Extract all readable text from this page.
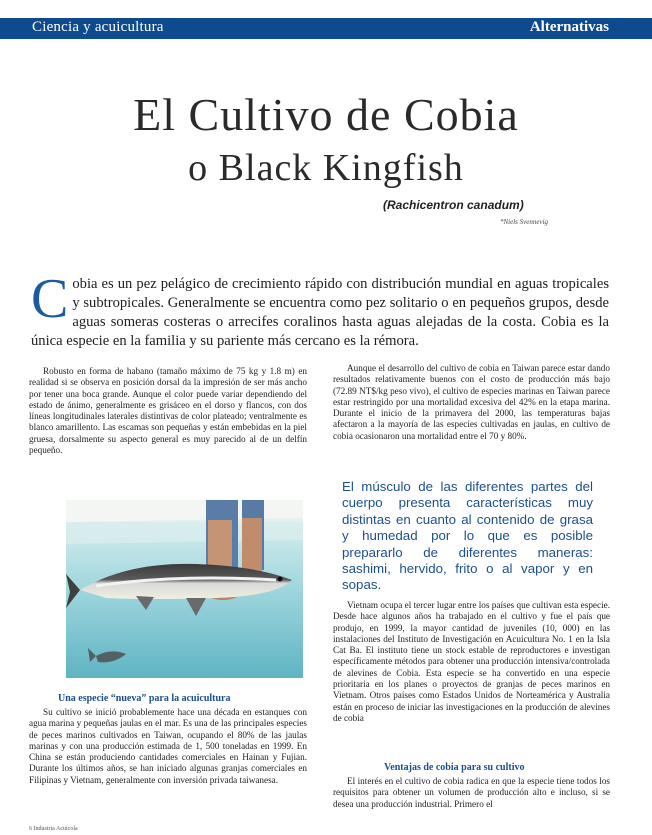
Ciencia y acuicultura	Alternativas
El Cultivo de Cobia
o Black Kingfish
(Rachicentron canadum)
*Niels Svennevig
Cobia es un pez pelágico de crecimiento rápido con distribución mundial en aguas tropicales y subtropicales. Generalmente se encuentra como pez solitario o en pequeños grupos, desde aguas someras costeras o arrecifes coralinos hasta aguas alejadas de la costa. Cobia es la única especie en la familia y su pariente más cercano es la rémora.

Robusto en forma de habano (tamaño máximo de 75 kg y 1.8 m) en realidad si se observa en posición dorsal da la impresión de ser más ancho por tener una boca grande. Aunque el color puede variar dependiendo del estado de ánimo, generalmente es grisáceo en el dorso y flancos, con dos líneas longitudinales laterales distintivas de color plateado; ventralmente es blanco amarillento. Las escamas son pequeñas y están embebidas en la piel gruesa, dorsalmente su aspecto general es muy parecido al de un delfín pequeño.

Aunque el desarrollo del cultivo de cobia en Taiwan parece estar dando resultados relativamente buenos con el costo de producción más bajo (72.89 NT$/kg peso vivo), el cultivo de especies marinas en Taiwan parece estar restringido por una mortalidad excesiva del 42% en la etapa marina. Durante el inicio de la primavera del 2000, las temperaturas bajas afectaron a la mayoría de las especies cultivadas en jaulas, en cultivo de cobia ocasionaron una mortalidad entre el 70 y 80%.

El músculo de las diferentes partes del cuerpo presenta características muy distintas en cuanto al contenido de grasa y humedad por lo que es posible prepararlo de diferentes maneras: sashimi, hervido, frito o al vapor y en sopas.

Vietnam ocupa el tercer lugar entre los países que cultivan esta especie. Desde hace algunos años ha trabajado en el cultivo y fue el país que produjo, en 1999, la mayor cantidad de juveniles (10, 000) en las instalaciones del Instituto de Investigación en Acuicultura No. 1 en la Isla Cat Ba. El instituto tiene un stock estable de reproductores e investigan específicamente métodos para obtener una producción intensiva/controlada de alevines de Cobia. Esta especie se ha convertido en una especie prioritaria en los planes o proyectos de granjas de peces marinos en Vietnam. Otros países como Estados Unidos de Norteamérica y Australia están en proceso de iniciar las investigaciones en la producción de alevines de cobia

Una especie “nueva” para la acuicultura

Su cultivo se inició probablemente hace una década en estanques con agua marina y pequeñas jaulas en el mar. Es una de las principales especies de peces marinos cultivados en Taiwan, ocupando el 80% de las jaulas marinas y con una producción estimada de 1, 500 toneladas en 1999. En China se están produciendo cantidades comerciales en Hainan y Fujian. Durante los últimos años, se han iniciado algunas granjas comerciales en Filipinas y Vietnam, generalmente con inversión privada taiwanesa.

Ventajas de cobia para su cultivo

El interés en el cultivo de cobia radica en que la especie tiene todos los requisitos para obtener un volumen de producción alto e incluso, si se desea una producción industrial. Primero el

6 Industria Acuícola
